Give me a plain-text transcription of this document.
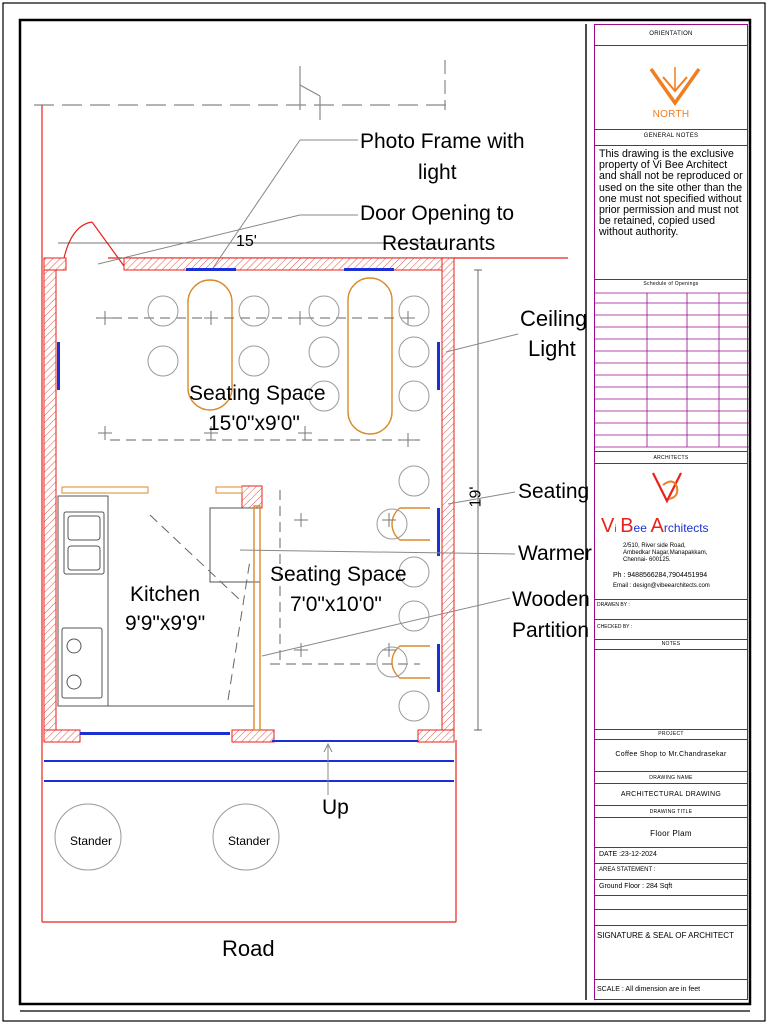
Photo Frame with
light
Door Opening to
Restaurants
15'
19'
Ceiling
Light
Seating
Warmer
Wooden
Partition
Seating Space
15'0"x9'0"
Kitchen
9'9"x9'9"
Seating Space
7'0"x10'0"
Up
Stander	Stander
Road
ORIENTATION
NORTH
GENERAL NOTES
This drawing is the exclusive property of Vi Bee Architect and shall not be reproduced or used on the site other than the one must not specified without prior permission and must not be retained, copied used without authority.
Schedule of Openings
ARCHITECTS
Vi Bee Architects
2/510, River side Road,
Ambedkar Nagar,Manapakkam,
Chennai- 600125.
Ph : 9488566284,7904451994
Email : design@vibeearchitects.com
DRAWEN BY :
CHECKED BY :
NOTES
PROJECT
Coffee Shop to Mr.Chandrasekar
DRAWING NAME
ARCHITECTURAL DRAWING
DRAWING TITLE
Floor Plam
DATE :23-12-2024
AREA STATEMENT :
Ground Floor : 284 Sqft
SIGNATURE & SEAL OF ARCHITECT
SCALE : All dimension are in feet
